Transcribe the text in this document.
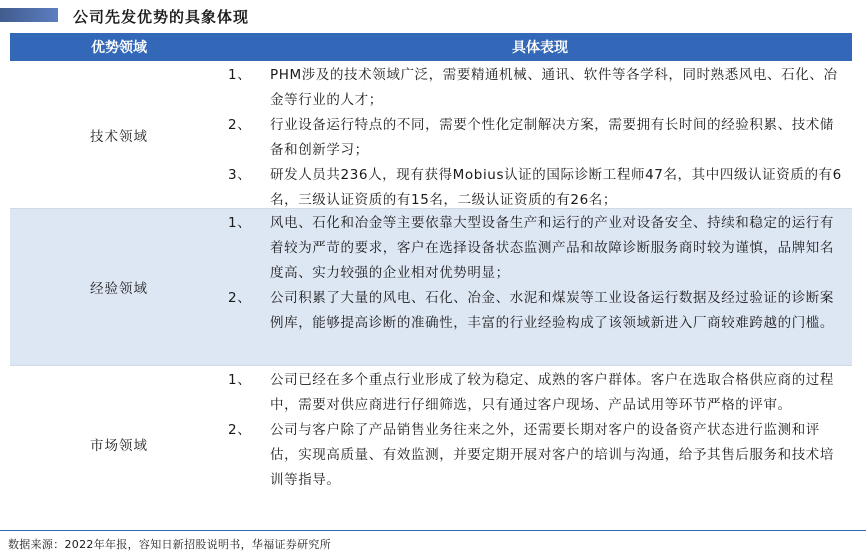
公司先发优势的具象体现
优势领域	具体表现
技术领域
1、	PHM涉及的技术领域广泛，需要精通机械、通讯、软件等各学科，同时熟悉风电、石化、冶金等行业的人才；
2、	行业设备运行特点的不同，需要个性化定制解决方案，需要拥有长时间的经验积累、技术储备和创新学习；
3、	研发人员共236人，现有获得Mobius认证的国际诊断工程师47名，其中四级认证资质的有6名，三级认证资质的有15名，二级认证资质的有26名；
经验领域
1、	风电、石化和冶金等主要依靠大型设备生产和运行的产业对设备安全、持续和稳定的运行有着较为严苛的要求，客户在选择设备状态监测产品和故障诊断服务商时较为谨慎，品牌知名度高、实力较强的企业相对优势明显；
2、	公司积累了大量的风电、石化、冶金、水泥和煤炭等工业设备运行数据及经过验证的诊断案例库，能够提高诊断的准确性，丰富的行业经验构成了该领域新进入厂商较难跨越的门槛。
市场领域
1、	公司已经在多个重点行业形成了较为稳定、成熟的客户群体。客户在选取合格供应商的过程中，需要对供应商进行仔细筛选，只有通过客户现场、产品试用等环节严格的评审。
2、	公司与客户除了产品销售业务往来之外，还需要长期对客户的设备资产状态进行监测和评估，实现高质量、有效监测，并要定期开展对客户的培训与沟通，给予其售后服务和技术培训等指导。
数据来源：2022年年报，容知日新招股说明书，华福证券研究所
